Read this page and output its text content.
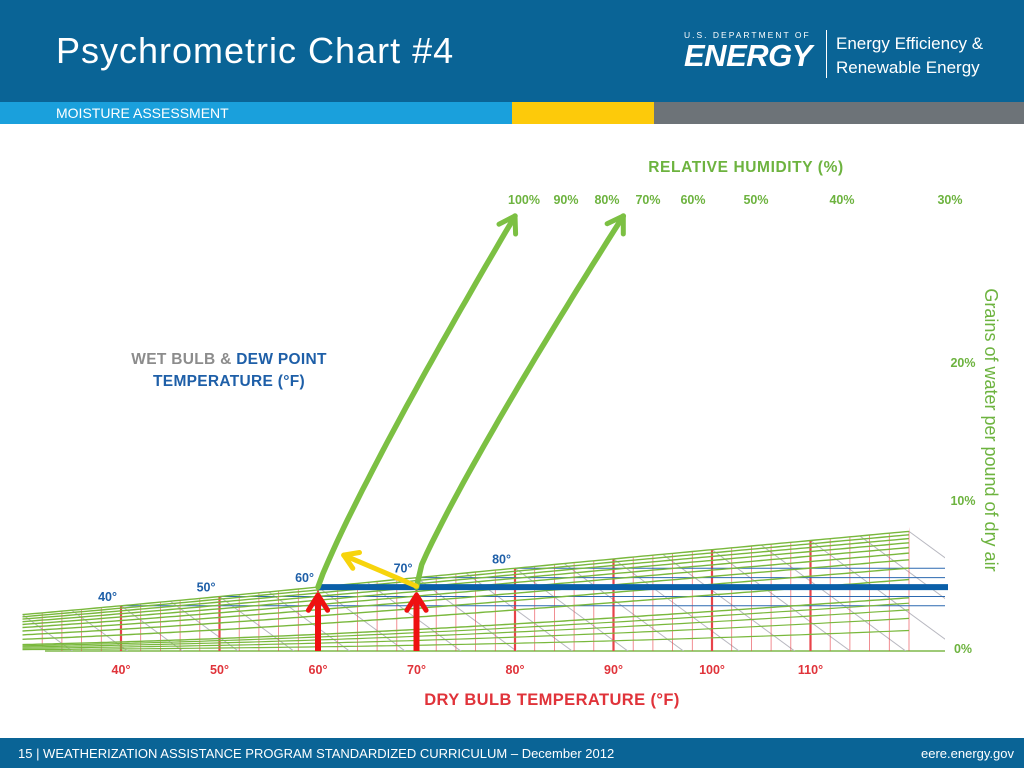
Psychrometric Chart #4	U.S. DEPARTMENT OF
ENERGY Energy Efficiency &
Renewable Energy
MOISTURE ASSESSMENT
RELATIVE HUMIDITY (%)
100% 90% 80% 70% 60%	50%	40%	30%
40°
50°
60°
70°
80°
40°	50°	60°	70°	80°	90°	100°	110°
0%
10%
20%
DRY BULB TEMPERATURE (°F)
WET BULB & DEW POINT
TEMPERATURE (°F)	Grains of water per pound of dry air
15 | WEATHERIZATION ASSISTANCE PROGRAM STANDARDIZED CURRICULUM – December 2012	eere.energy.gov
